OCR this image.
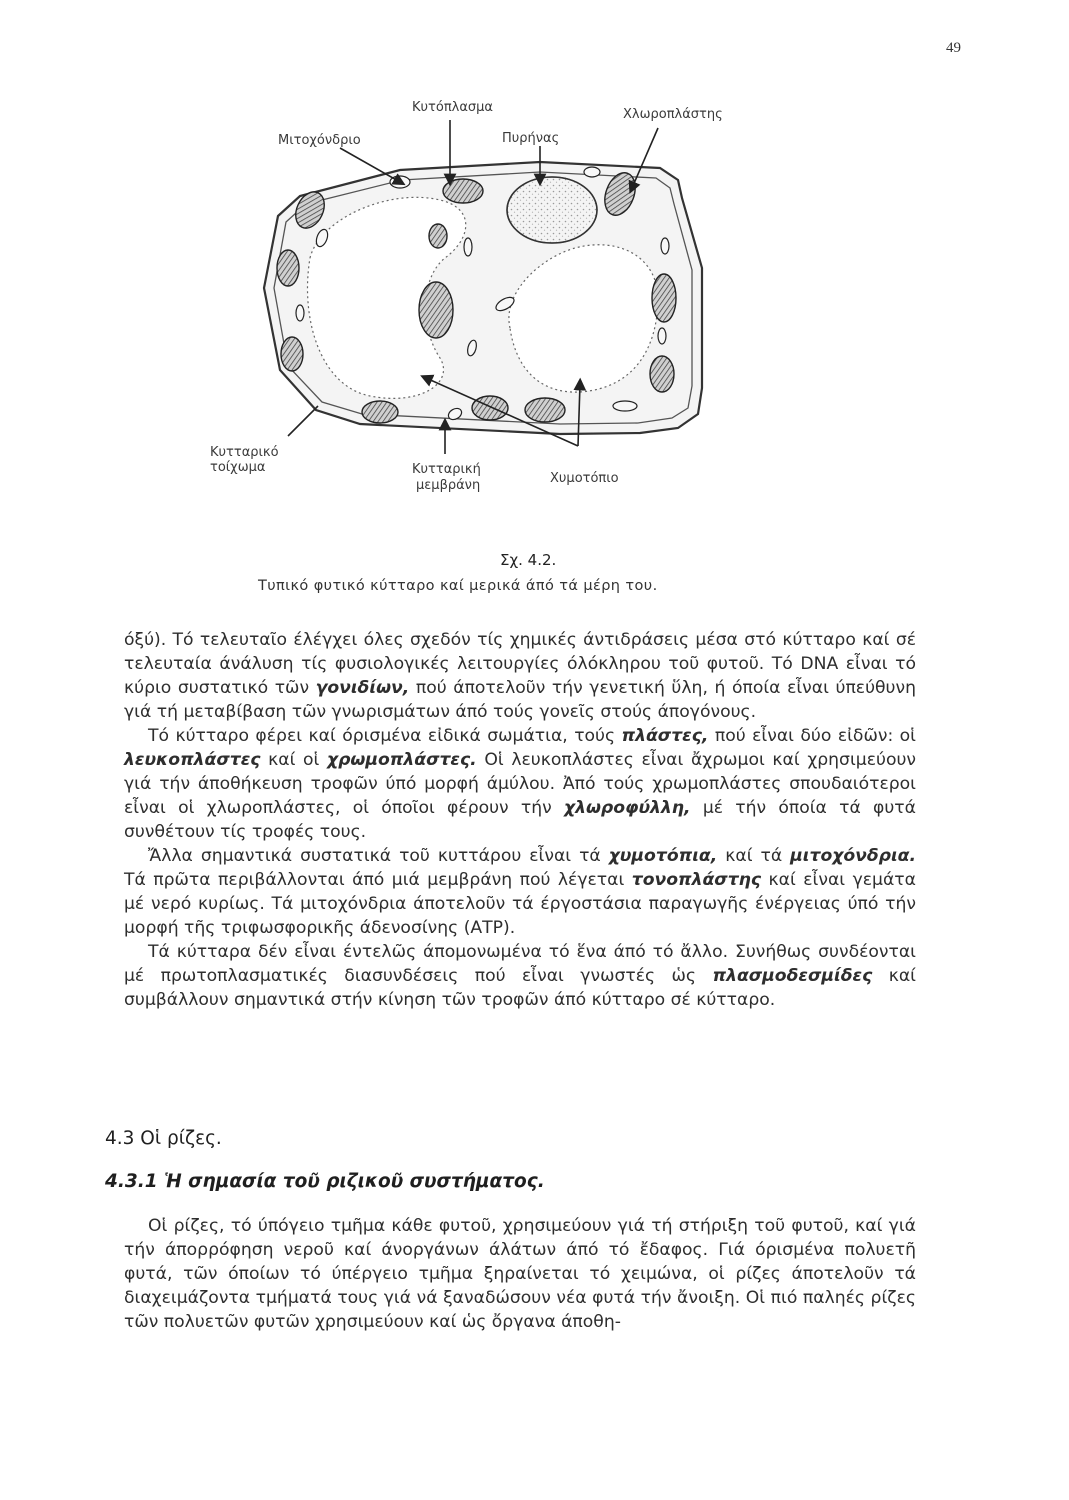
49
Κυτόπλασμα	Χλωροπλάστης
Μιτοχόνδριο	Πυρήνας
Κυτταρικό
τοίχωμα	Κυτταρική
μεμβράνη	Χυμοτόπιο
Σχ. 4.2.
Τυπικό φυτικό κύτταρο καί μερικά άπό τά μέρη του.

όξύ). Τό τελευταῖο έλέγχει όλες σχεδόν τίς χημικές άντιδράσεις μέσα στό κύτταρο καί σέ τελευταία άνάλυση τίς φυσιολογικές λειτουργίες όλόκληρου τοῦ φυτοῦ. Τό DNA εἶναι τό κύριο συστατικό τῶν γονιδίων, πού άποτελοῦν τήν γενετική ὕλη, ή όποία εἶναι ύπεύθυνη γιά τή μεταβίβαση τῶν γνωρισμάτων άπό τούς γονεῖς στούς άπογόνους.

Τό κύτταρο φέρει καί όρισμένα εἰδικά σωμάτια, τούς πλάστες, πού εἶναι δύο εἰδῶν: οἱ λευκοπλάστες καί οἱ χρωμοπλάστες. Οἱ λευκοπλάστες εἶναι ἄχρωμοι καί χρησιμεύουν γιά τήν άποθήκευση τροφῶν ύπό μορφή άμύλου. Ἀπό τούς χρωμοπλάστες σπουδαιότεροι εἶναι οἱ χλωροπλάστες, οἱ όποῖοι φέρουν τήν χλωροφύλλη, μέ τήν όποία τά φυτά συνθέτουν τίς τροφές τους.

Ἄλλα σημαντικά συστατικά τοῦ κυττάρου εἶναι τά χυμοτόπια, καί τά μιτοχόνδρια. Τά πρῶτα περιβάλλονται άπό μιά μεμβράνη πού λέγεται τονοπλάστης καί εἶναι γεμάτα μέ νερό κυρίως. Τά μιτοχόνδρια άποτελοῦν τά έργοστάσια παραγωγῆς ένέργειας ύπό τήν μορφή τῆς τριφωσφορικῆς άδενοσίνης (ΑΤΡ).

Τά κύτταρα δέν εἶναι έντελῶς άπομονωμένα τό ἕνα άπό τό ἄλλο. Συνήθως συνδέονται μέ πρωτοπλασματικές διασυνδέσεις πού εἶναι γνωστές ὡς πλασμοδεσμίδες καί συμβάλλουν σημαντικά στήν κίνηση τῶν τροφῶν άπό κύτταρο σέ κύτταρο.

4.3 Οἱ ρίζες.
4.3.1 Ἡ σημασία τοῦ ριζικοῦ συστήματος.

Οἱ ρίζες, τό ύπόγειο τμῆμα κάθε φυτοῦ, χρησιμεύουν γιά τή στήριξη τοῦ φυτοῦ, καί γιά τήν άπορρόφηση νεροῦ καί άνοργάνων άλάτων άπό τό ἔδαφος. Γιά όρισμένα πολυετῆ φυτά, τῶν όποίων τό ύπέργειο τμῆμα ξηραίνεται τό χειμώνα, οἱ ρίζες άποτελοῦν τά διαχειμάζοντα τμήματά τους γιά νά ξαναδώσουν νέα φυτά τήν ἄνοιξη. Οἱ πιό παληές ρίζες τῶν πολυετῶν φυτῶν χρησιμεύουν καί ὡς ὄργανα άποθη-
